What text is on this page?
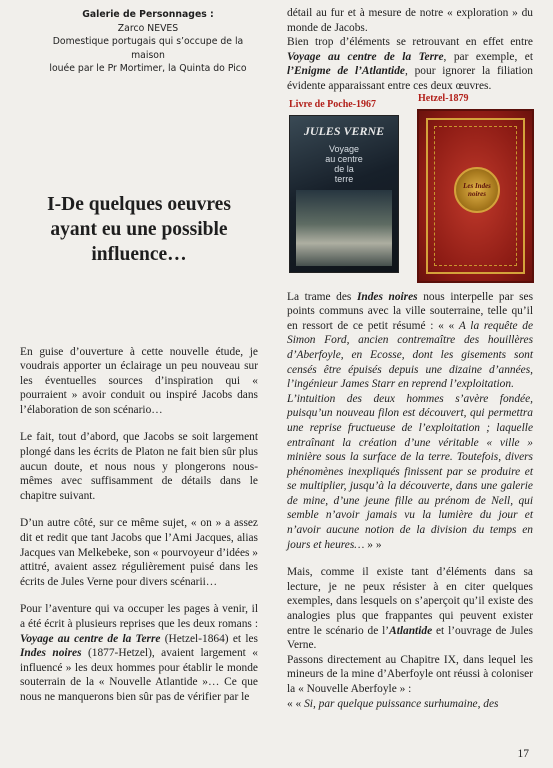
Galerie de Personnages :
Zarco NEVES
Domestique portugais qui s’occupe de la maison
louée par le Pr Mortimer, la Quinta do Pico
I-De quelques oeuvres
ayant eu une possible
influence…

En guise d’ouverture à cette nouvelle étude, je voudrais apporter un éclairage un peu nouveau sur les éventuelles sources d’inspiration qui « pourraient » avoir conduit ou inspiré Jacobs dans l’élaboration de son scénario…

Le fait, tout d’abord, que Jacobs se soit largement plongé dans les écrits de Platon ne fait bien sûr plus aucun doute, et nous nous y plongerons nous-mêmes avec suffisamment de détails dans le chapitre suivant.

D’un autre côté, sur ce même sujet, « on » a assez dit et redit que tant Jacobs que l’Ami Jacques, alias Jacques van Melkebeke, son « pourvoyeur d’idées » attitré, avaient assez régulièrement puisé dans les écrits de Jules Verne pour divers scénarii…

Pour l’aventure qui va occuper les pages à venir, il a été écrit à plusieurs reprises que les deux romans : Voyage au centre de la Terre (Hetzel-1864) et les Indes noires (1877-Hetzel), avaient largement « influencé » les deux hommes pour établir le monde souterrain de la « Nouvelle Atlantide »… Ce que nous ne manquerons bien sûr pas de vérifier par le

détail au fur et à mesure de notre « exploration » du monde de Jacobs.

Bien trop d’éléments se retrouvant en effet entre Voyage au centre de la Terre, par exemple, et l’Enigme de l’Atlantide, pour ignorer la filiation évidente apparaissant entre ces deux œuvres.

Livre de Poche-1967
Hetzel-1879
JULES VERNE
Voyage
au centre
de la
terre
Les Indes noires

La trame des Indes noires nous interpelle par ses points communs avec la ville souterraine, telle qu’il en ressort de ce petit résumé : « « A la requête de Simon Ford, ancien contremaître des houillères d’Aberfoyle, en Ecosse, dont les gisements sont censés être épuisés depuis une dizaine d’années, l’ingénieur James Starr en reprend l’exploitation.
L’intuition des deux hommes s’avère fondée, puisqu’un nouveau filon est découvert, qui permettra une reprise fructueuse de l’exploitation ; laquelle entraînant la création d’une véritable « ville » minière sous la surface de la terre. Toutefois, divers phénomènes inexpliqués finissent par se produire et se multiplier, jusqu’à la découverte, dans une galerie de mine, d’une jeune fille au prénom de Nell, qui semble n’avoir jamais vu la lumière du jour et n’avoir aucune notion de la division du temps en jours et heures… » »

Mais, comme il existe tant d’éléments dans sa lecture, je ne peux résister à en citer quelques exemples, dans lesquels on s’aperçoit qu’il existe des analogies plus que frappantes qui peuvent exister entre le scénario de l’Atlantide et l’ouvrage de Jules Verne.

Passons directement au Chapitre IX, dans lequel les mineurs de la mine d’Aberfoyle ont réussi à coloniser la « Nouvelle Aberfoyle » :

« « Si, par quelque puissance surhumaine, des

17
